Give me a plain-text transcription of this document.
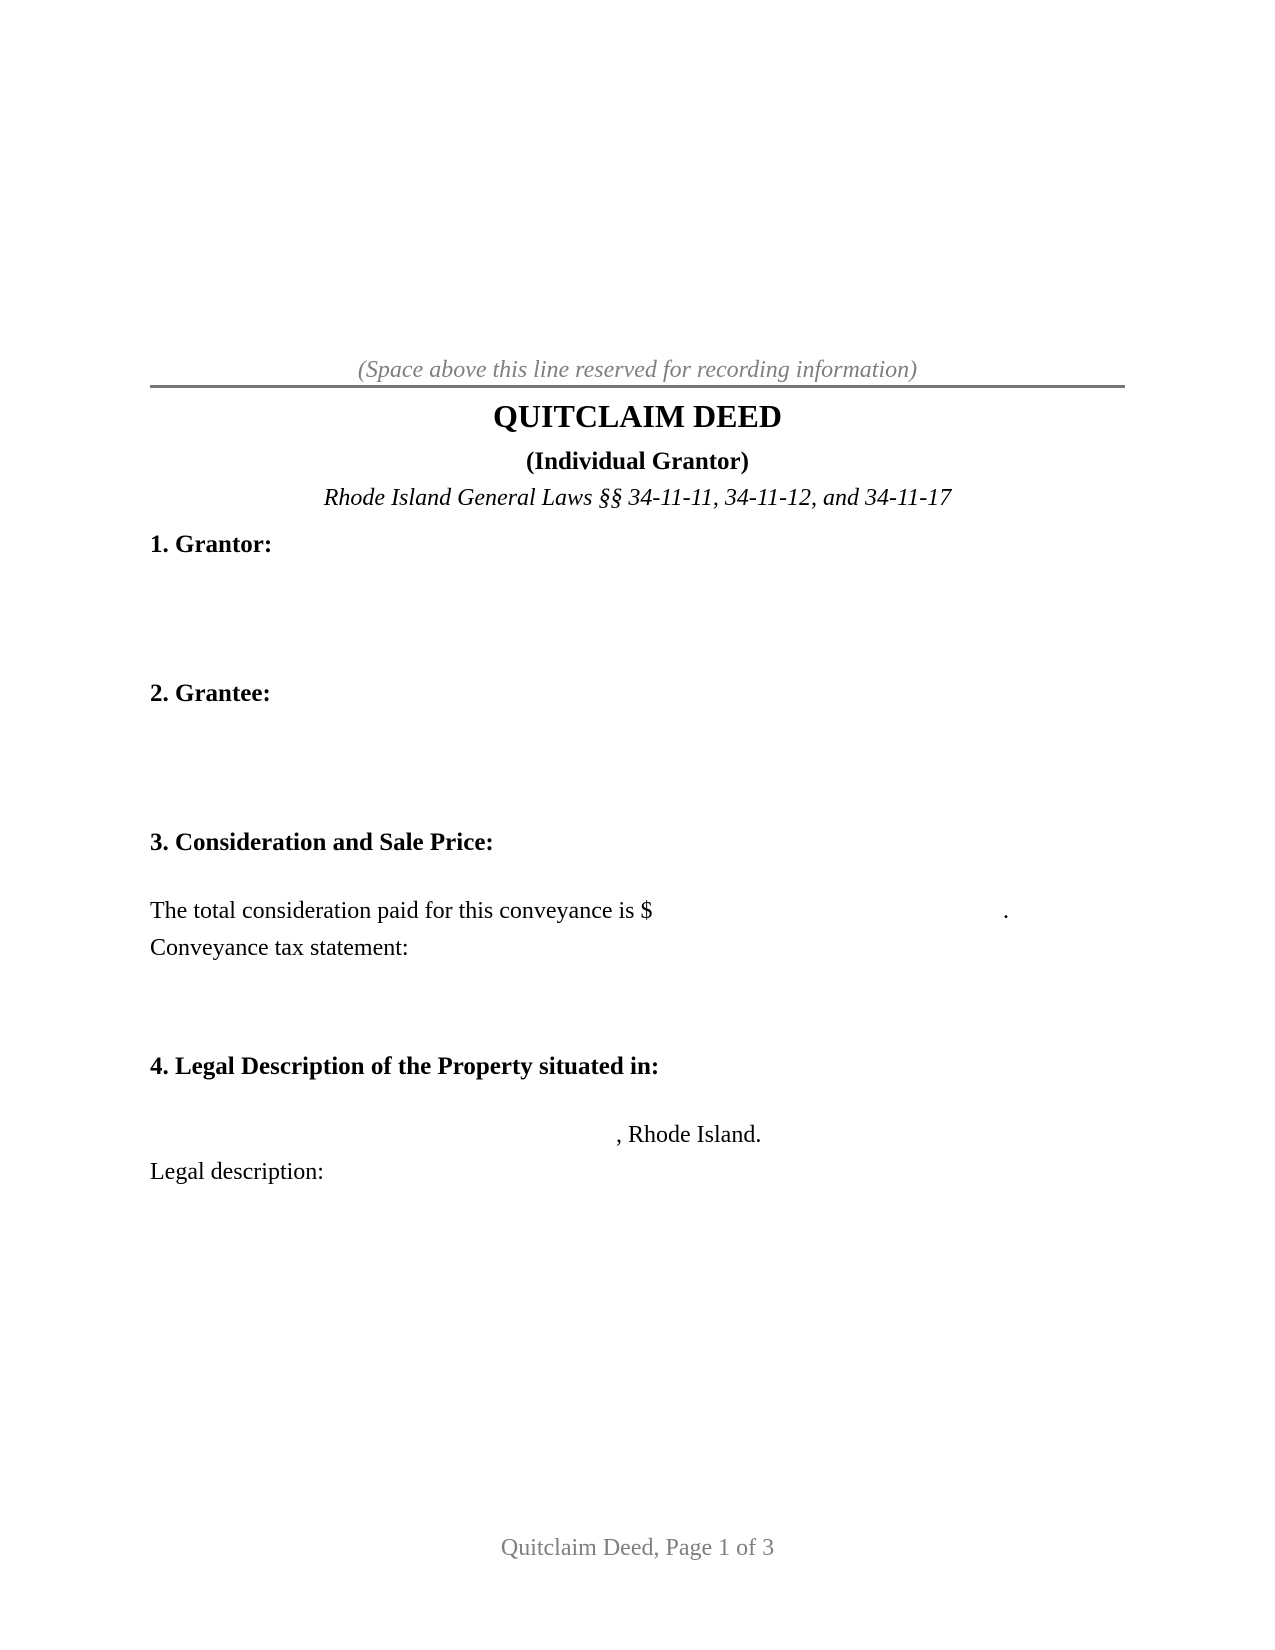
(Space above this line reserved for recording information)
QUITCLAIM DEED
(Individual Grantor)
Rhode Island General Laws §§ 34-11-11, 34-11-12, and 34-11-17
1. Grantor:
2. Grantee:
3. Consideration and Sale Price:
The total consideration paid for this conveyance is $	.
Conveyance tax statement:
4. Legal Description of the Property situated in:
, Rhode Island.
Legal description:
Quitclaim Deed, Page 1 of 3
